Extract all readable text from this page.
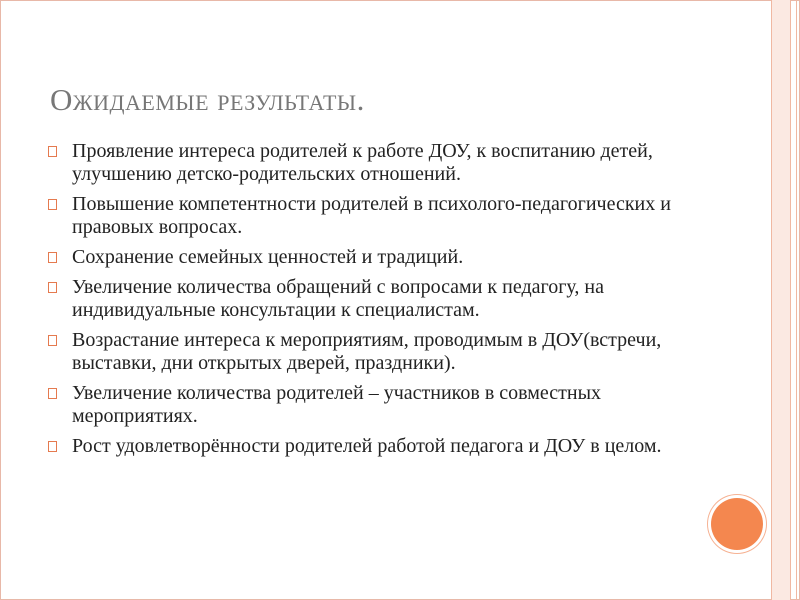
Ожидаемые результаты.
Проявление интереса родителей к работе ДОУ, к воспитанию детей, улучшению детско-родительских отношений.
Повышение компетентности родителей в психолого-педагогических и правовых вопросах.
Сохранение семейных ценностей и традиций.
Увеличение количества обращений с вопросами к педагогу, на индивидуальные консультации к специалистам.
Возрастание интереса к мероприятиям, проводимым в ДОУ(встречи, выставки, дни открытых дверей, праздники).
Увеличение количества родителей – участников в совместных мероприятиях.
Рост удовлетворённости родителей работой педагога и ДОУ в целом.
